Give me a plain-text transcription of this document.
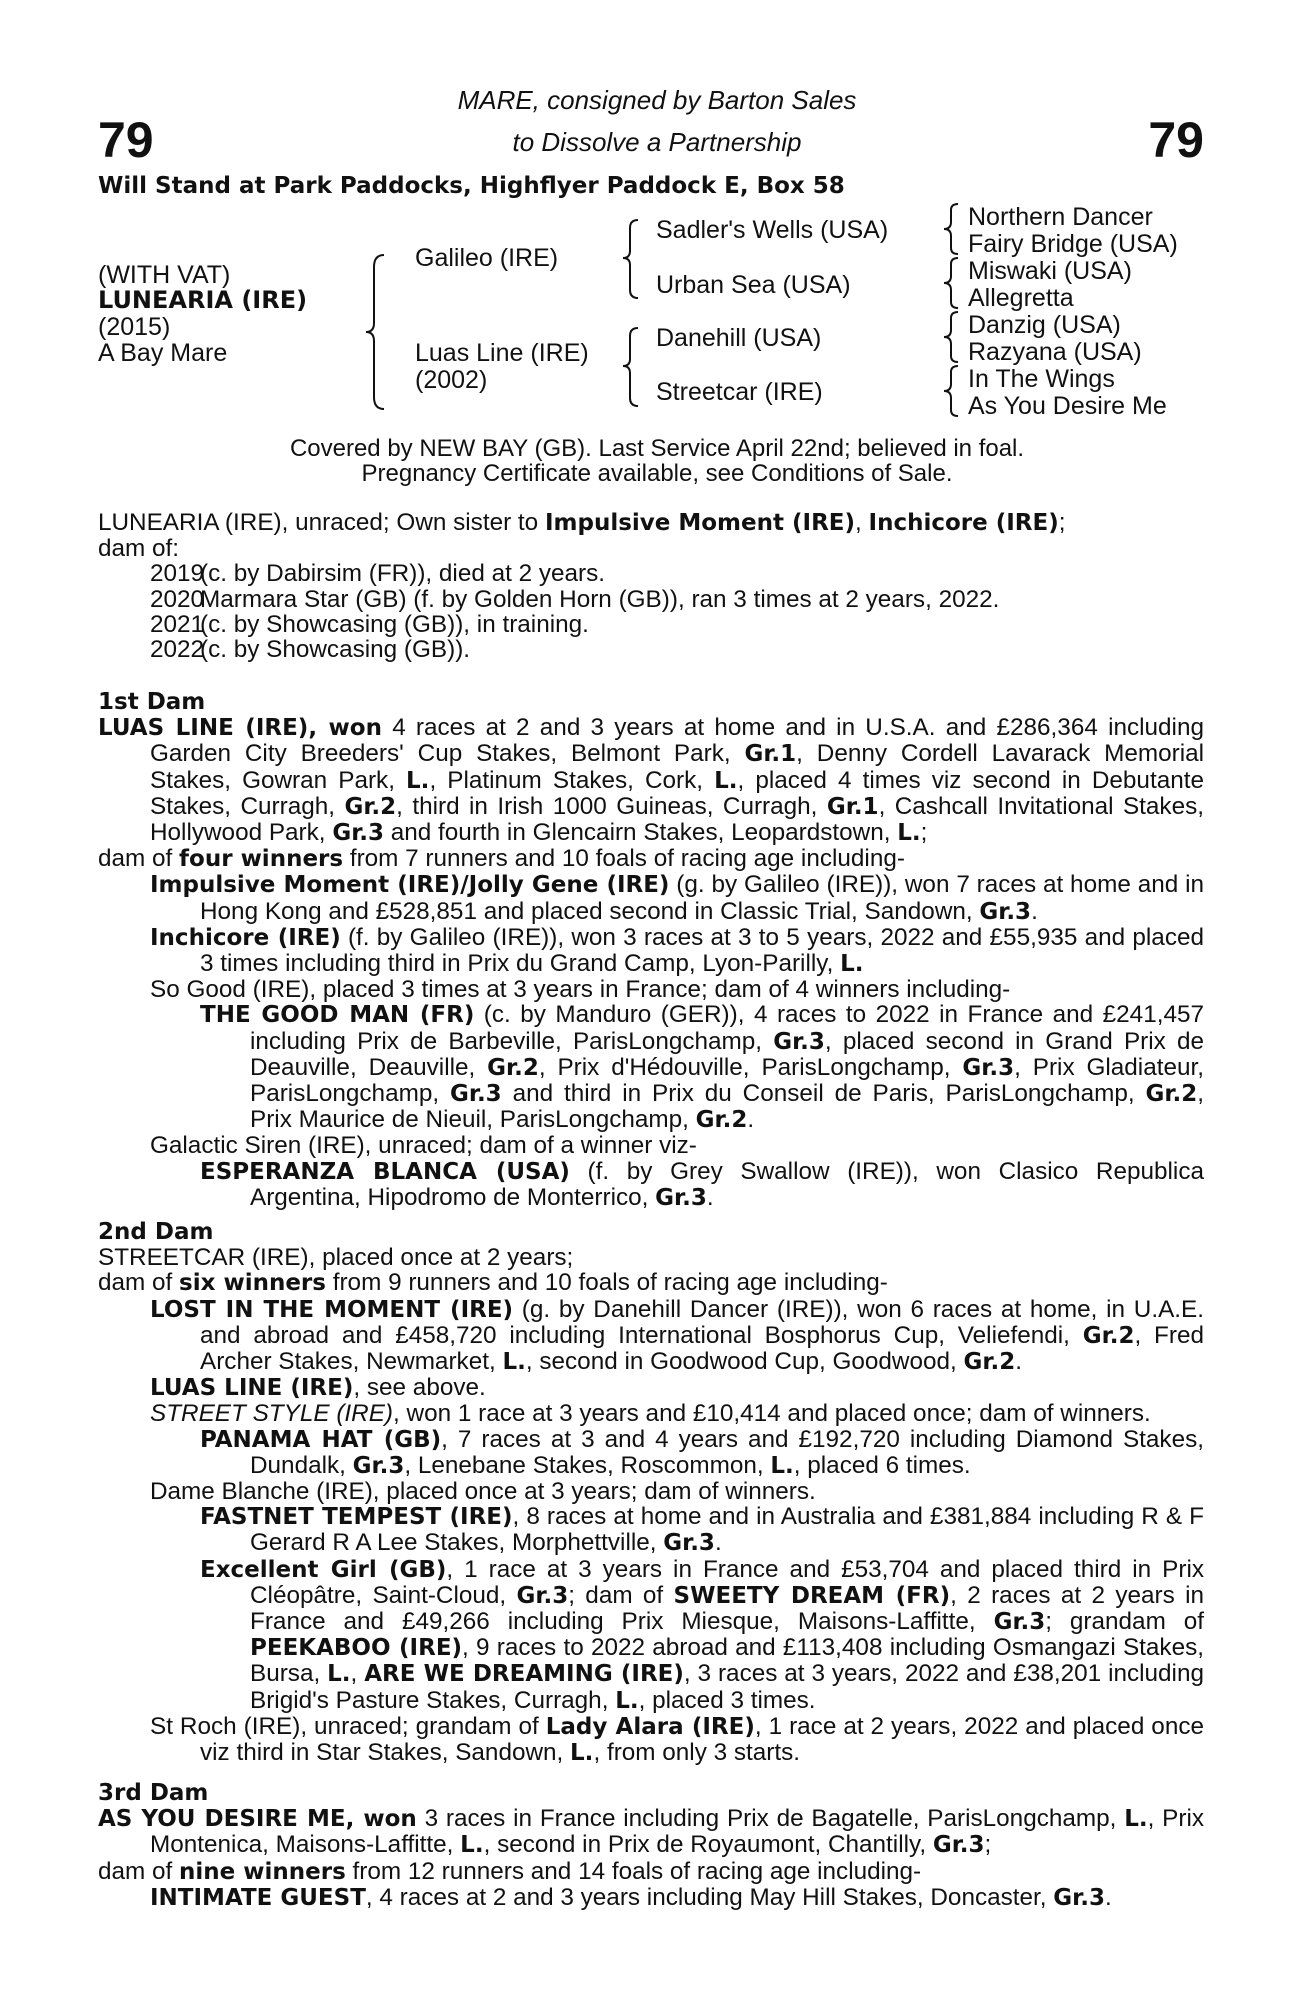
79	79
MARE, consigned by Barton Sales
to Dissolve a Partnership
Will Stand at Park Paddocks, Highflyer Paddock E, Box 58
(WITH VAT)
LUNEARIA (IRE)
(2015)
A Bay Mare
Galileo (IRE)
Luas Line (IRE)
(2002)
Sadler's Wells (USA)
Urban Sea (USA)
Danehill (USA)
Streetcar (IRE)
Northern Dancer
Fairy Bridge (USA)
Miswaki (USA)
Allegretta
Danzig (USA)
Razyana (USA)
In The Wings
As You Desire Me
Covered by NEW BAY (GB). Last Service April 22nd; believed in foal.
Pregnancy Certificate available, see Conditions of Sale.

LUNEARIA (IRE), unraced; Own sister to Impulsive Moment (IRE), Inchicore (IRE);

dam of:

2019
(c. by Dabirsim (FR)), died at 2 years.
2020
Marmara Star (GB) (f. by Golden Horn (GB)), ran 3 times at 2 years, 2022.
2021
(c. by Showcasing (GB)), in training.
2022
(c. by Showcasing (GB)).

1st Dam

LUAS LINE (IRE), won 4 races at 2 and 3 years at home and in U.S.A. and £286,364 including Garden City Breeders' Cup Stakes, Belmont Park, Gr.1, Denny Cordell Lavarack Memorial Stakes, Gowran Park, L., Platinum Stakes, Cork, L., placed 4 times viz second in Debutante Stakes, Curragh, Gr.2, third in Irish 1000 Guineas, Curragh, Gr.1, Cashcall Invitational Stakes, Hollywood Park, Gr.3 and fourth in Glencairn Stakes, Leopardstown, L.;

dam of four winners from 7 runners and 10 foals of racing age including-

Impulsive Moment (IRE)/Jolly Gene (IRE) (g. by Galileo (IRE)), won 7 races at home and in Hong Kong and £528,851 and placed second in Classic Trial, Sandown, Gr.3.

Inchicore (IRE) (f. by Galileo (IRE)), won 3 races at 3 to 5 years, 2022 and £55,935 and placed 3 times including third in Prix du Grand Camp, Lyon-Parilly, L.

So Good (IRE), placed 3 times at 3 years in France; dam of 4 winners including-

THE GOOD MAN (FR) (c. by Manduro (GER)), 4 races to 2022 in France and £241,457 including Prix de Barbeville, ParisLongchamp, Gr.3, placed second in Grand Prix de Deauville, Deauville, Gr.2, Prix d'Hédouville, ParisLongchamp, Gr.3, Prix Gladiateur, ParisLongchamp, Gr.3 and third in Prix du Conseil de Paris, ParisLongchamp, Gr.2, Prix Maurice de Nieuil, ParisLongchamp, Gr.2.

Galactic Siren (IRE), unraced; dam of a winner viz-

ESPERANZA BLANCA (USA) (f. by Grey Swallow (IRE)), won Clasico Republica Argentina, Hipodromo de Monterrico, Gr.3.

2nd Dam

STREETCAR (IRE), placed once at 2 years;

dam of six winners from 9 runners and 10 foals of racing age including-

LOST IN THE MOMENT (IRE) (g. by Danehill Dancer (IRE)), won 6 races at home, in U.A.E. and abroad and £458,720 including International Bosphorus Cup, Veliefendi, Gr.2, Fred Archer Stakes, Newmarket, L., second in Goodwood Cup, Goodwood, Gr.2.

LUAS LINE (IRE), see above.

STREET STYLE (IRE), won 1 race at 3 years and £10,414 and placed once; dam of winners.

PANAMA HAT (GB), 7 races at 3 and 4 years and £192,720 including Diamond Stakes, Dundalk, Gr.3, Lenebane Stakes, Roscommon, L., placed 6 times.

Dame Blanche (IRE), placed once at 3 years; dam of winners.

FASTNET TEMPEST (IRE), 8 races at home and in Australia and £381,884 including R & F Gerard R A Lee Stakes, Morphettville, Gr.3.

Excellent Girl (GB), 1 race at 3 years in France and £53,704 and placed third in Prix Cléopâtre, Saint-Cloud, Gr.3; dam of SWEETY DREAM (FR), 2 races at 2 years in France and £49,266 including Prix Miesque, Maisons-Laffitte, Gr.3; grandam of PEEKABOO (IRE), 9 races to 2022 abroad and £113,408 including Osmangazi Stakes, Bursa, L., ARE WE DREAMING (IRE), 3 races at 3 years, 2022 and £38,201 including Brigid's Pasture Stakes, Curragh, L., placed 3 times.

St Roch (IRE), unraced; grandam of Lady Alara (IRE), 1 race at 2 years, 2022 and placed once viz third in Star Stakes, Sandown, L., from only 3 starts.

3rd Dam

AS YOU DESIRE ME, won 3 races in France including Prix de Bagatelle, ParisLongchamp, L., Prix Montenica, Maisons-Laffitte, L., second in Prix de Royaumont, Chantilly, Gr.3;

dam of nine winners from 12 runners and 14 foals of racing age including-

INTIMATE GUEST, 4 races at 2 and 3 years including May Hill Stakes, Doncaster, Gr.3.
